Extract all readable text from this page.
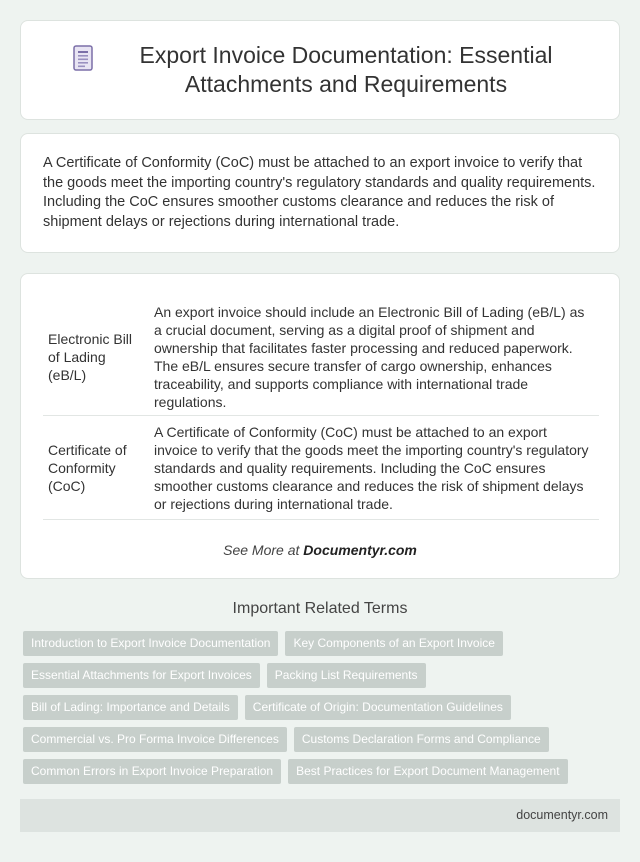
Export Invoice Documentation: Essential Attachments and Requirements

A Certificate of Conformity (CoC) must be attached to an export invoice to verify that the goods meet the importing country's regulatory standards and quality requirements. Including the CoC ensures smoother customs clearance and reduces the risk of shipment delays or rejections during international trade.

Electronic Bill of Lading (eB/L)	An export invoice should include an Electronic Bill of Lading (eB/L) as a crucial document, serving as a digital proof of shipment and ownership that facilitates faster processing and reduced paperwork. The eB/L ensures secure transfer of cargo ownership, enhances traceability, and supports compliance with international trade regulations.
Certificate of Conformity (CoC)	A Certificate of Conformity (CoC) must be attached to an export invoice to verify that the goods meet the importing country's regulatory standards and quality requirements. Including the CoC ensures smoother customs clearance and reduces the risk of shipment delays or rejections during international trade.
See More at Documentyr.com
Important Related Terms
Introduction to Export Invoice Documentation	Key Components of an Export Invoice
Essential Attachments for Export Invoices	Packing List Requirements
Bill of Lading: Importance and Details	Certificate of Origin: Documentation Guidelines
Commercial vs. Pro Forma Invoice Differences	Customs Declaration Forms and Compliance
Common Errors in Export Invoice Preparation	Best Practices for Export Document Management
documentyr.com
